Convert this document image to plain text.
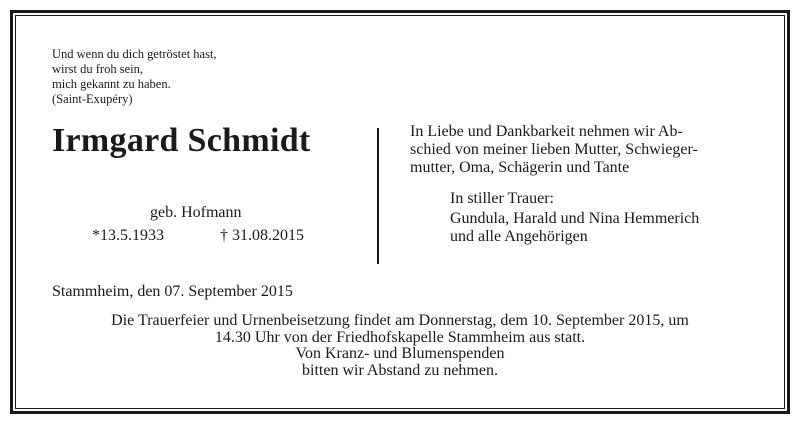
Und wenn du dich getröstet hast,
wirst du froh sein,
mich gekannt zu haben.
(Saint-Exupéry)
Irmgard Schmidt
geb. Hofmann
*13.5.1933	† 31.08.2015
In Liebe und Dankbarkeit nehmen wir Ab-
schied von meiner lieben Mutter, Schwieger-
mutter, Oma, Schägerin und Tante
In stiller Trauer:
Gundula, Harald und Nina Hemmerich
und alle Angehörigen
Stammheim, den 07. September 2015
Die Trauerfeier und Urnenbeisetzung findet am Donnerstag, dem 10. September 2015, um
14.30 Uhr von der Friedhofskapelle Stammheim aus statt.
Von Kranz- und Blumenspenden
bitten wir Abstand zu nehmen.
